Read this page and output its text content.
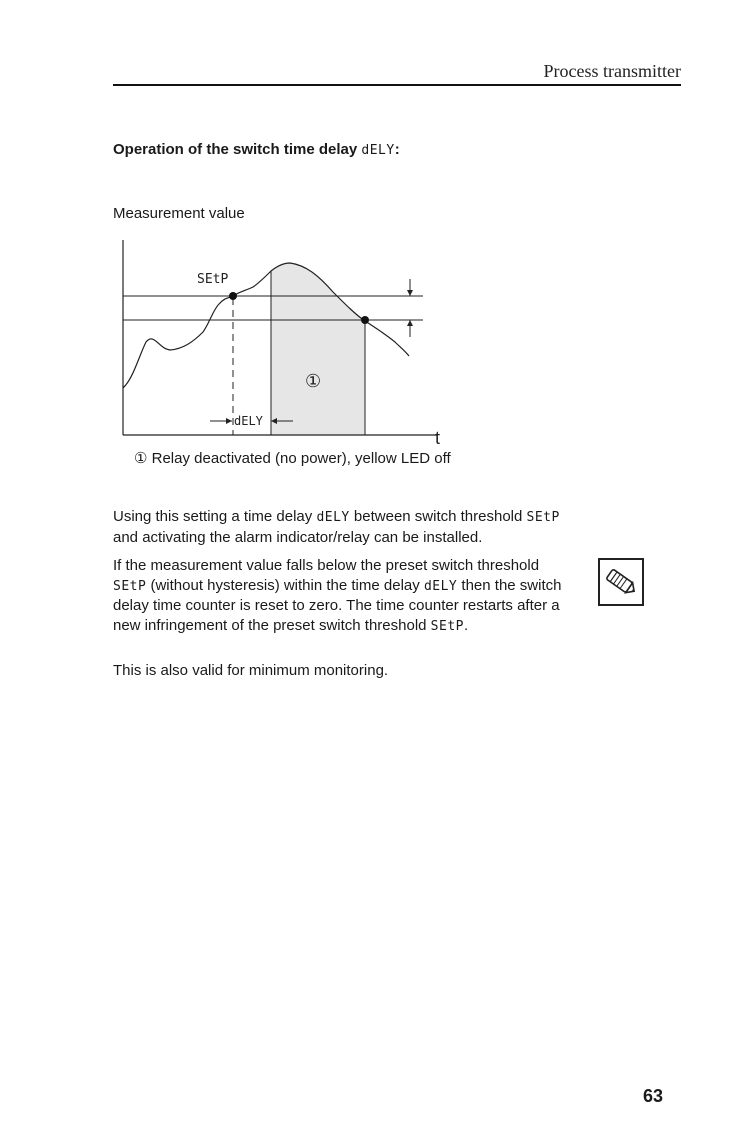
Process transmitter
Operation of the switch time delay dELY:
Measurement value
SEtP
dELY
①
t
① Relay deactivated (no power), yellow LED off

Using this setting a time delay dELY between switch threshold SEtP and activating the alarm indicator/relay can be installed.

If the measurement value falls below the preset switch threshold SEtP (without hysteresis) within the time delay dELY then the switch delay time counter is reset to zero. The time counter restarts after a new infringement of the preset switch threshold SEtP.

This is also valid for minimum monitoring.

63
